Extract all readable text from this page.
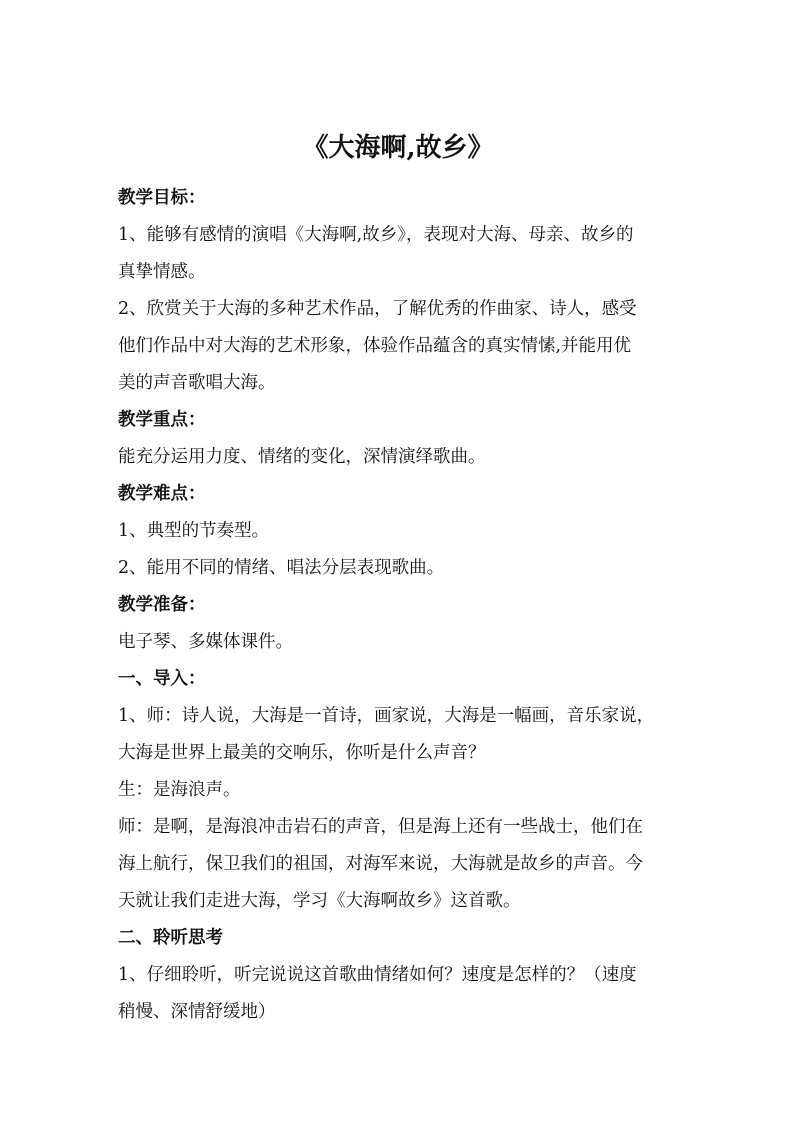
《大海啊,故乡》

教学目标：

1、能够有感情的演唱《大海啊,故乡》，表现对大海、母亲、故乡的

真挚情感。

2、欣赏关于大海的多种艺术作品，了解优秀的作曲家、诗人，感受

他们作品中对大海的艺术形象，体验作品蕴含的真实情愫,并能用优

美的声音歌唱大海。

教学重点：

能充分运用力度、情绪的变化，深情演绎歌曲。

教学难点：

1、典型的节奏型。

2、能用不同的情绪、唱法分层表现歌曲。

教学准备：

电子琴、多媒体课件。

一、导入：

1、师：诗人说，大海是一首诗，画家说，大海是一幅画，音乐家说，

大海是世界上最美的交响乐，你听是什么声音？

生：是海浪声。

师：是啊，是海浪冲击岩石的声音，但是海上还有一些战士，他们在

海上航行，保卫我们的祖国，对海军来说，大海就是故乡的声音。今

天就让我们走进大海，学习《大海啊故乡》这首歌。

二、聆听思考

1、仔细聆听，听完说说这首歌曲情绪如何？速度是怎样的？（速度

稍慢、深情舒缓地）
